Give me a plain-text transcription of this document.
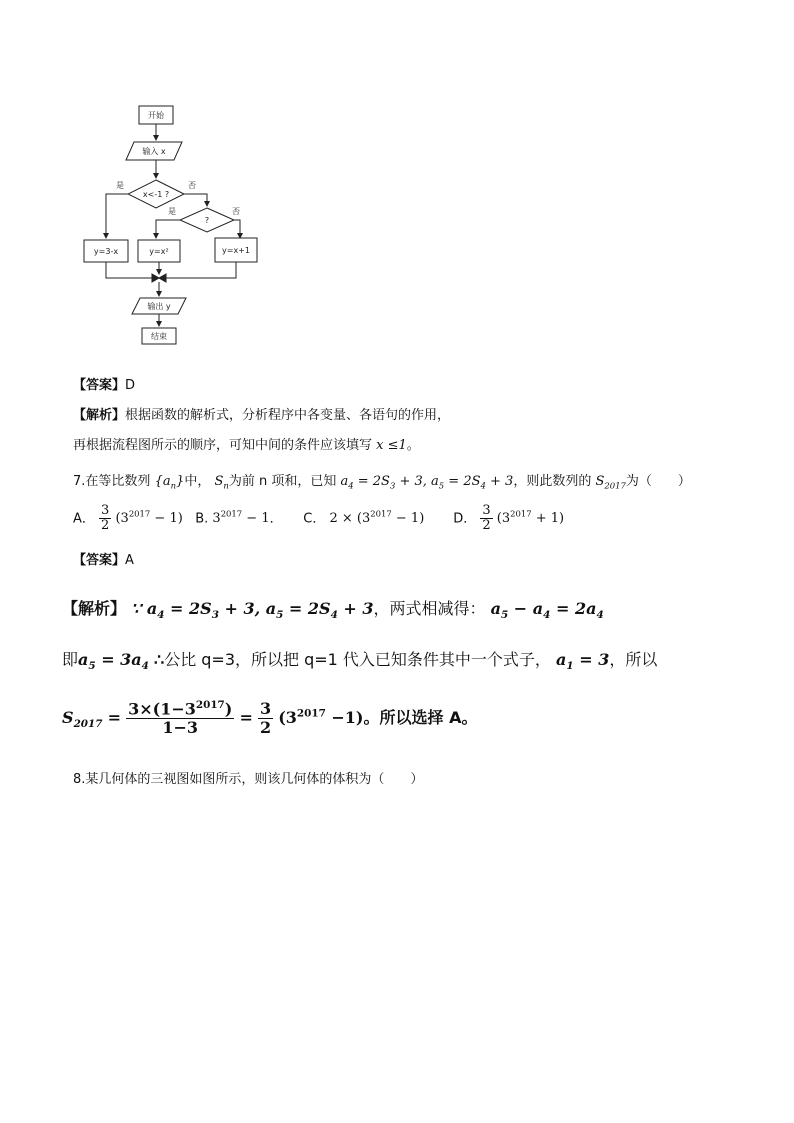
开始
输入 x
x<-1 ?
?
是	否
是	否
y=3-x	y=x²	y=x+1
输出 y
结束
【答案】D
【解析】根据函数的解析式，分析程序中各变量、各语句的作用，
再根据流程图所示的顺序，可知中间的条件应该填写 x ≤1。
7.在等比数列 $\{a_n\}$中， $S_n$为前 n 项和，已知 $a_4 = 2S_3 + 3$, $a_5 = 2S_4 + 3$，则此数列的 $S_{2017}$为（　　）
A． $\frac{3}{2} (3^{2017} - 1)$ B. $3^{2017} - 1$．     C． $2 \times (3^{2017} - 1)$ D． $\frac{3}{2} (3^{2017} + 1)$
【答案】A
【解析】 ∵ $a_4 = 2S_3 + 3$, $a_5 = 2S_4 + 3$，两式相减得： $a_5 - a_4 = 2a_4$
即$a_5 = 3a_4$ ∴公比 q=3，所以把 q=1 代入已知条件其中一个式子， $a_1 = 3$，所以
$S_{2017} = \frac{3\times(1-3^{2017})}{1-3} = \frac{3}{2} (3^{2017} -1)$。所以选择 A。
8.某几何体的三视图如图所示，则该几何体的体积为（　　）
